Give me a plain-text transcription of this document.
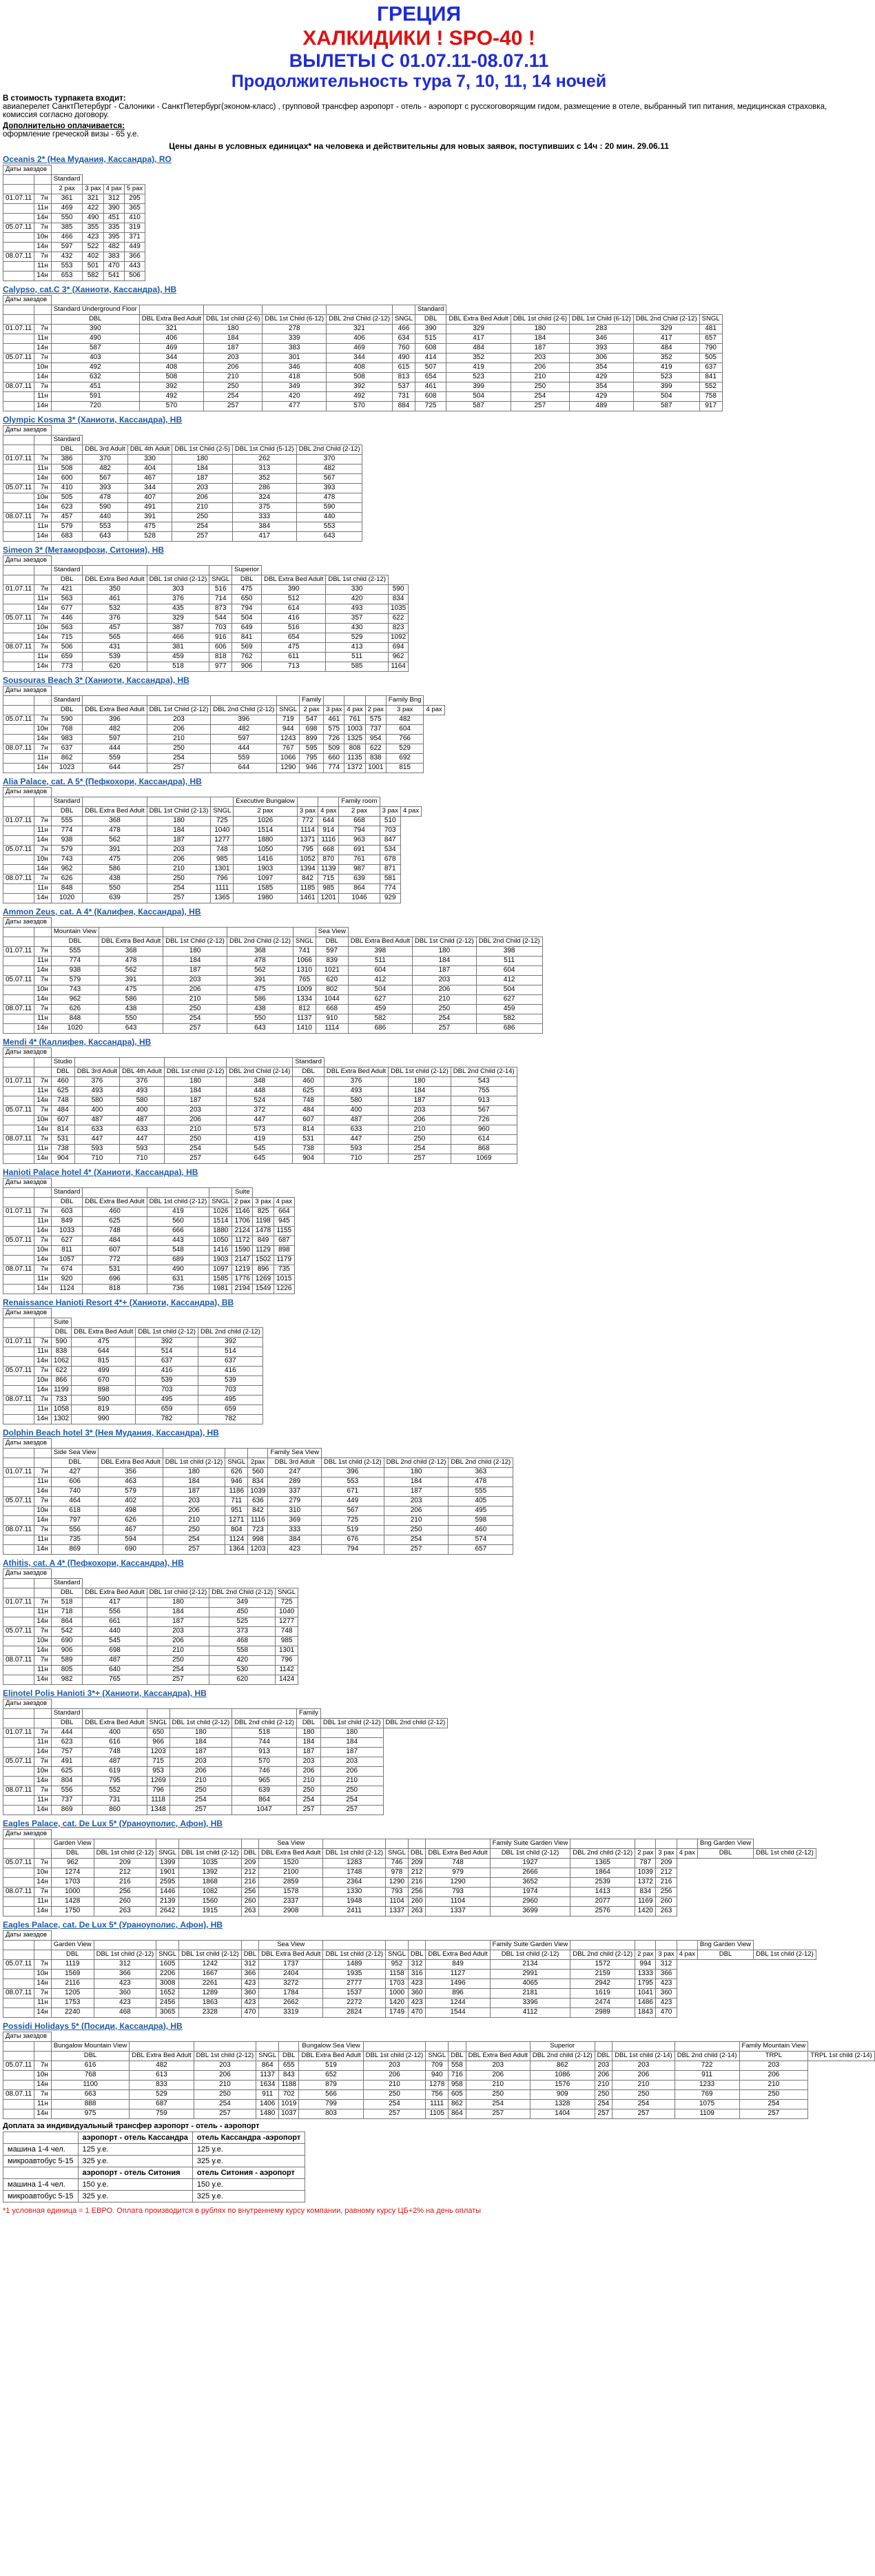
ГРЕЦИЯ
ХАЛКИДИКИ ! SPO-40 !
ВЫЛЕТЫ С 01.07.11-08.07.11
Продолжительность тура 7, 10, 11, 14 ночей
В стоимость турпакета входит:
авиаперелет СанктПетербург - Салоники - СанктПетербург(эконом-класс) , групповой трансфер аэропорт - отель - аэропорт с русскоговорящим гидом, размещение в отеле, выбранный тип питания, медицинская страховка, комиссия согласно договору.
Дополнительно оплачивается:
оформление греческой визы - 65 у.е.
Цены даны в условных единицах* на человека и действительны для новых заявок, поступивших с 14ч : 20 мин. 29.06.11
Oceanis 2* (Неа Мудания, Кассандра), RO
Даты заездов					
		Standard			
		2 pax	3 pax	4 pax	5 pax
01.07.11	7н	361	321	312	295
	11н	469	422	390	365
	14н	550	490	451	410
05.07.11	7н	385	355	335	319
	10н	466	423	395	371
	14н	597	522	482	449
08.07.11	7н	432	402	383	366
	11н	553	501	470	443
	14н	653	582	541	506
Calypso, cat.C 3* (Ханиоти, Кассандра), HB
Даты заездов													
		Standard Underground Floor						Standard					
		DBL	DBL Extra Bed Adult	DBL 1st child (2-6)	DBL 1st Child (6-12)	DBL 2nd Child (2-12)	SNGL	DBL	DBL Extra Bed Adult	DBL 1st child (2-6)	DBL 1st Child (6-12)	DBL 2nd Child (2-12)	SNGL
01.07.11	7н	390	321	180	278	321	466	390	329	180	283	329	481
	11н	490	406	184	339	406	634	515	417	184	346	417	657
	14н	587	469	187	383	469	760	608	484	187	393	484	790
05.07.11	7н	403	344	203	301	344	490	414	352	203	306	352	505
	10н	492	408	206	346	408	615	507	419	206	354	419	637
	14н	632	508	210	418	508	813	654	523	210	429	523	841
08.07.11	7н	451	392	250	349	392	537	461	399	250	354	399	552
	11н	591	492	254	420	492	731	608	504	254	429	504	758
	14н	720	570	257	477	570	884	725	587	257	489	587	917
Olympic Kosma 3* (Ханиоти, Кассандра), HB
Даты заездов							
		Standard					
		DBL	DBL 3rd Adult	DBL 4th Adult	DBL 1st Child (2-5)	DBL 1st Child (5-12)	DBL 2nd Child (2-12)
01.07.11	7н	386	370	330	180	262	370
	11н	508	482	404	184	313	482
	14н	600	567	467	187	352	567
05.07.11	7н	410	393	344	203	286	393
	10н	505	478	407	206	324	478
	14н	623	590	491	210	375	590
08.07.11	7н	457	440	391	250	333	440
	11н	579	553	475	254	384	553
	14н	683	643	528	257	417	643
Simeon 3* (Метаморфози, Ситония), HB
Даты заездов									
		Standard				Superior			
		DBL	DBL Extra Bed Adult	DBL 1st child (2-12)	SNGL	DBL	DBL Extra Bed Adult	DBL 1st child (2-12)	
01.07.11	7н	421	350	303	516	475	390	330	590
	11н	563	461	376	714	650	512	420	834
	14н	677	532	435	873	794	614	493	1035
05.07.11	7н	446	376	329	544	504	416	357	622
	10н	563	457	387	703	649	516	430	823
	14н	715	565	466	916	841	654	529	1092
08.07.11	7н	506	431	381	606	569	475	413	694
	11н	659	539	459	818	762	611	511	962
	14н	773	620	518	977	906	713	585	1164
Sousouras Beach 3* (Ханиоти, Кассандра), HB
Даты заездов												
		Standard					Family				Family Bng	
		DBL	DBL Extra Bed Adult	DBL 1st Child (2-12)	DBL 2nd Child (2-12)	SNGL	2 pax	3 pax	4 pax	2 pax	3 pax	4 pax
05.07.11	7н	590	396	203	396	719	547	461	761	575	482	
	10н	768	482	206	482	944	698	575	1003	737	604	
	14н	983	597	210	597	1243	899	726	1325	954	766	
08.07.11	7н	637	444	250	444	767	595	509	808	622	529	
	11н	862	559	254	559	1066	795	660	1135	838	692	
	14н	1023	644	257	644	1290	946	774	1372	1001	815	
Alia Palace, cat. A 5* (Пефкохори, Кассандра), HB
Даты заездов											
		Standard				Executive Bungalow			Family room		
		DBL	DBL Extra Bed Adult	DBL 1st Child (2-13)	SNGL	2 pax	3 pax	4 pax	2 pax	3 pax	4 pax
01.07.11	7н	555	368	180	725	1026	772	644	668	510	
	11н	774	478	184	1040	1514	1114	914	794	703	
	14н	938	562	187	1277	1880	1371	1116	963	847	
05.07.11	7н	579	391	203	748	1050	795	668	691	534	
	10н	743	475	206	985	1416	1052	870	761	678	
	14н	962	586	210	1301	1903	1394	1139	987	871	
08.07.11	7н	626	438	250	796	1097	842	715	639	581	
	11н	848	550	254	1111	1585	1185	985	864	774	
	14н	1020	639	257	1365	1980	1461	1201	1046	929	
Ammon Zeus, cat. A 4* (Калифея, Кассандра), HB
Даты заездов										
		Mountain View					Sea View			
		DBL	DBL Extra Bed Adult	DBL 1st Child (2-12)	DBL 2nd Child (2-12)	SNGL	DBL	DBL Extra Bed Adult	DBL 1st Child (2-12)	DBL 2nd Child (2-12)
01.07.11	7н	555	368	180	368	741	597	398	180	398
	11н	774	478	184	478	1066	839	511	184	511
	14н	938	562	187	562	1310	1021	604	187	604
05.07.11	7н	579	391	203	391	765	620	412	203	412
	10н	743	475	206	475	1009	802	504	206	504
	14н	962	586	210	586	1334	1044	627	210	627
08.07.11	7н	626	438	250	438	812	668	459	250	459
	11н	848	550	254	550	1137	910	582	254	582
	14н	1020	643	257	643	1410	1114	686	257	686
Mendi 4* (Каллифея, Кассандра), HB
Даты заездов										
		Studio					Standard			
		DBL	DBL 3rd Adult	DBL 4th Adult	DBL 1st child (2-12)	DBL 2nd Child (2-14)	DBL	DBL Extra Bed Adult	DBL 1st child (2-12)	DBL 2nd Child (2-14)
01.07.11	7н	460	376	376	180	348	460	376	180	543
	11н	625	493	493	184	448	625	493	184	755
	14н	748	580	580	187	524	748	580	187	913
05.07.11	7н	484	400	400	203	372	484	400	203	567
	10н	607	487	487	206	447	607	487	206	726
	14н	814	633	633	210	573	814	633	210	960
08.07.11	7н	531	447	447	250	419	531	447	250	614
	11н	738	593	593	254	545	738	593	254	868
	14н	904	710	710	257	645	904	710	257	1069
Hanioti Palace hotel 4* (Ханиоти, Кассандра), HB
Даты заездов								
		Standard				Suite		
		DBL	DBL Extra Bed Adult	DBL 1st child (2-12)	SNGL	2 pax	3 pax	4 pax
01.07.11	7н	603	460	419	1026	1146	825	664
	11н	849	625	560	1514	1706	1198	945
	14н	1033	748	666	1880	2124	1478	1155
05.07.11	7н	627	484	443	1050	1172	849	687
	10н	811	607	548	1416	1590	1129	898
	14н	1057	772	689	1903	2147	1502	1179
08.07.11	7н	674	531	490	1097	1219	896	735
	11н	920	696	631	1585	1776	1269	1015
	14н	1124	818	736	1981	2194	1549	1226
Renaissance Hanioti Resort 4*+ (Ханиоти, Кассандра), BB
Даты заездов					
		Suite			
		DBL	DBL Extra Bed Adult	DBL 1st child (2-12)	DBL 2nd child (2-12)
01.07.11	7н	590	475	392	392
	11н	838	644	514	514
	14н	1062	815	637	637
05.07.11	7н	622	499	416	416
	10н	866	670	539	539
	14н	1199	898	703	703
08.07.11	7н	733	590	495	495
	11н	1058	819	659	659
	14н	1302	990	782	782
Dolphin Beach hotel 3* (Нея Мудания, Кассандра), HB
Даты заездов										
		Side Sea View					Family Sea View			
		DBL	DBL Extra Bed Adult	DBL 1st child (2-12)	SNGL	2pax	DBL 3rd Adult	DBL 1st child (2-12)	DBL 2nd child (2-12)	DBL 2nd child (2-12)
01.07.11	7н	427	356	180	626	560	247	396	180	363
	11н	606	463	184	946	834	289	553	184	478
	14н	740	579	187	1186	1039	337	671	187	555
05.07.11	7н	464	402	203	711	636	279	449	203	405
	10н	618	498	206	951	842	310	567	206	495
	14н	797	626	210	1271	1116	369	725	210	598
08.07.11	7н	556	467	250	804	723	333	519	250	460
	11н	735	594	254	1124	998	384	676	254	574
	14н	869	690	257	1364	1203	423	794	257	657
Athitis, cat. A 4* (Пефкохори, Кассандра), HB
Даты заездов						
		Standard				
		DBL	DBL Extra Bed Adult	DBL 1st child (2-12)	DBL 2nd Child (2-12)	SNGL
01.07.11	7н	518	417	180	349	725
	11н	718	556	184	450	1040
	14н	864	661	187	525	1277
05.07.11	7н	542	440	203	373	748
	10н	690	545	206	468	985
	14н	906	698	210	558	1301
08.07.11	7н	589	487	250	420	796
	11н	805	640	254	530	1142
	14н	982	765	257	620	1424
Elinotel Polis Hanioti 3*+ (Ханиоти, Кассандра), HB
Даты заездов									
		Standard					Family		
		DBL	DBL Extra Bed Adult	SNGL	DBL 1st child (2-12)	DBL 2nd child (2-12)	DBL	DBL 1st child (2-12)	DBL 2nd child (2-12)
01.07.11	7н	444	400	650	180	518	180	180	
	11н	623	616	966	184	744	184	184	
	14н	757	748	1203	187	913	187	187	
05.07.11	7н	491	487	715	203	570	203	203	
	10н	625	619	953	206	746	206	206	
	14н	804	795	1269	210	965	210	210	
08.07.11	7н	556	552	796	250	639	250	250	
	11н	737	731	1118	254	864	254	254	
	14н	869	860	1348	257	1047	257	257	
Eagles Palace, cat. De Lux 5* (Ураноуполис, Афон), HB
Даты заездов																		
		Garden View					Sea View					Family Suite Garden View					Bng Garden View	
		DBL	DBL 1st child (2-12)	SNGL	DBL 1st child (2-12)	DBL	DBL Extra Bed Adult	DBL 1st child (2-12)	SNGL	DBL	DBL Extra Bed Adult	DBL 1st child (2-12)	DBL 2nd child (2-12)	2 pax	3 pax	4 pax	DBL	DBL 1st child (2-12)
05.07.11	7н	962	209	1399	1035	209	1520	1283	746	209	748	1927	1365	787	209			
	10н	1274	212	1901	1392	212	2100	1748	978	212	979	2666	1864	1039	212			
	14н	1703	216	2595	1868	216	2859	2364	1290	216	1290	3652	2539	1372	216			
08.07.11	7н	1000	256	1446	1082	256	1578	1330	793	256	793	1974	1413	834	256			
	11н	1428	260	2139	1560	260	2337	1948	1104	260	1104	2960	2077	1169	260			
	14н	1750	263	2642	1915	263	2908	2411	1337	263	1337	3699	2576	1420	263			
Eagles Palace, cat. De Lux 5* (Ураноуполис, Афон), HB
Даты заездов																		
		Garden View					Sea View					Family Suite Garden View					Bng Garden View	
		DBL	DBL 1st child (2-12)	SNGL	DBL 1st child (2-12)	DBL	DBL Extra Bed Adult	DBL 1st child (2-12)	SNGL	DBL	DBL Extra Bed Adult	DBL 1st child (2-12)	DBL 2nd child (2-12)	2 pax	3 pax	4 pax	DBL	DBL 1st child (2-12)
05.07.11	7н	1119	312	1605	1242	312	1737	1489	952	312	849	2134	1572	994	312			
	10н	1569	366	2206	1667	366	2404	1935	1158	316	1127	2991	2159	1333	366			
	14н	2116	423	3008	2261	423	3272	2777	1703	423	1496	4065	2942	1795	423			
08.07.11	7н	1205	360	1652	1289	360	1784	1537	1000	360	896	2181	1619	1041	360			
	11н	1753	423	2456	1863	423	2662	2272	1420	423	1244	3396	2474	1486	423			
	14н	2240	468	3065	2328	470	3319	2824	1749	470	1544	4112	2989	1843	470			
Possidi Holidays 5* (Посиди, Кассандра), HB
Даты заездов																	
		Bungalow Mountain View					Bungalow Sea View					Superior				Family Mountain View	
		DBL	DBL Extra Bed Adult	DBL 1st child (2-12)	SNGL	DBL	DBL Extra Bed Adult	DBL 1st child (2-12)	SNGL	DBL	DBL Extra Bed Adult	DBL 2nd child (2-12)	DBL	DBL 1st child (2-14)	DBL 2nd child (2-14)	TRPL	TRPL 1st child (2-14)
05.07.11	7н	616	482	203	864	655	519	203	709	558	203	862	203	203	722	203	
	10н	768	613	206	1137	843	652	206	940	716	206	1086	206	206	911	206	
	14н	1100	833	210	1634	1188	879	210	1278	958	210	1576	210	210	1233	210	
08.07.11	7н	663	529	250	911	702	566	250	756	605	250	909	250	250	769	250	
	11н	888	687	254	1406	1019	799	254	1111	862	254	1328	254	254	1075	254	
	14н	975	759	257	1480	1037	803	257	1105	864	257	1404	257	257	1109	257	
Доплата за индивидуальный трансфер аэропорт - отель - аэропорт
	аэропорт - отель Кассандра	отель Кассандра -аэропорт
машина 1-4 чел.	125 у.е.	125 у.е.
микроавтобус 5-15	325 у.е.	325 у.е.
	аэропорт - отель Ситония	отель Ситония - аэропорт
машина 1-4 чел.	150 у.е.	150 у.е.
микроавтобус 5-15	325 у.е.	325 у.е.
*1 условная единица = 1 ЕВРО. Оплата производится в рублях по внутреннему курсу компании, равному курсу ЦБ+2% на день оплаты
